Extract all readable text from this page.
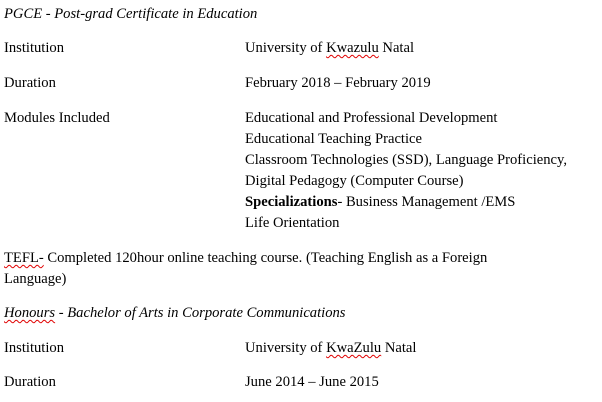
PGCE - Post-grad Certificate in Education
Institution	University of Kwazulu Natal
Duration	February 2018 – February 2019
Modules Included	Educational and Professional Development
Educational Teaching Practice
Classroom Technologies (SSD), Language Proficiency,
Digital Pedagogy (Computer Course)
Specializations- Business Management /EMS
Life Orientation
TEFL- Completed 120hour online teaching course. (Teaching English as a Foreign Language)
Honours - Bachelor of Arts in Corporate Communications
Institution	University of KwaZulu Natal
Duration	June 2014 – June 2015
